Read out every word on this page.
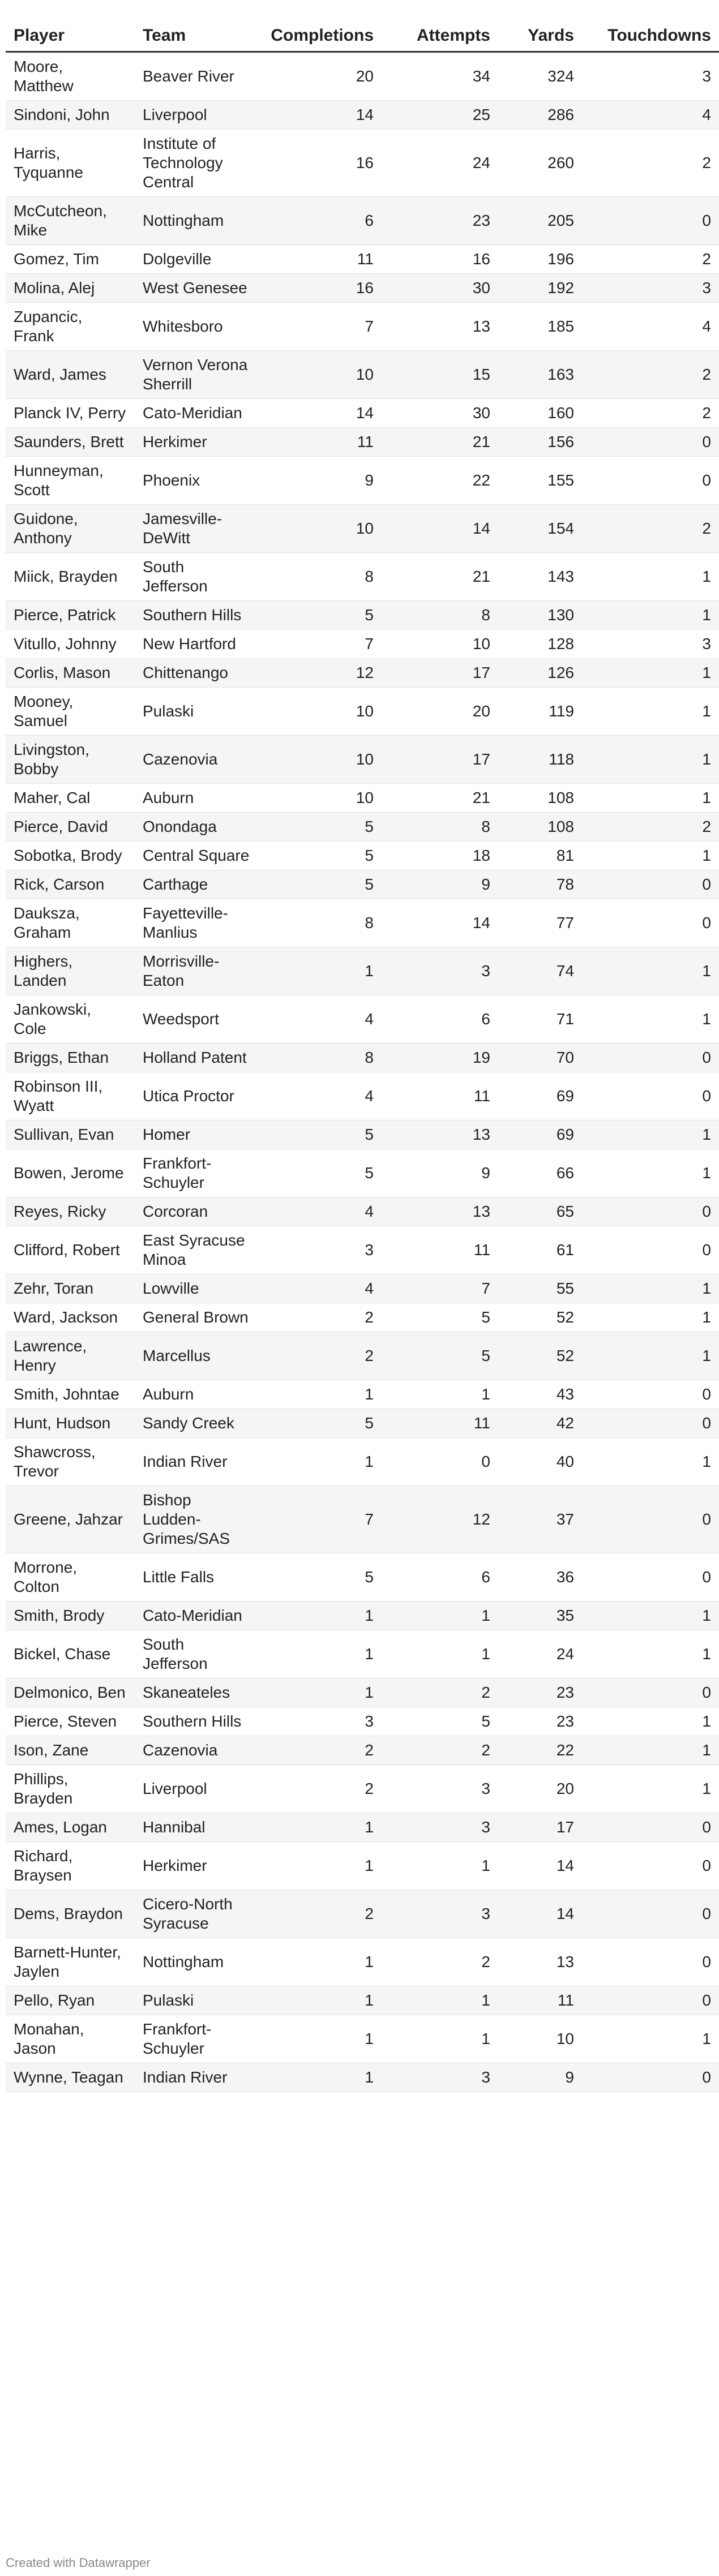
Player	Team	Completions	Attempts	Yards	Touchdowns
Moore, Matthew	Beaver River	20	34	324	3
Sindoni, John	Liverpool	14	25	286	4
Harris, Tyquanne	Institute of Technology Central	16	24	260	2
McCutcheon, Mike	Nottingham	6	23	205	0
Gomez, Tim	Dolgeville	11	16	196	2
Molina, Alej	West Genesee	16	30	192	3
Zupancic, Frank	Whitesboro	7	13	185	4
Ward, James	Vernon Verona Sherrill	10	15	163	2
Planck IV, Perry	Cato-Meridian	14	30	160	2
Saunders, Brett	Herkimer	11	21	156	0
Hunneyman, Scott	Phoenix	9	22	155	0
Guidone, Anthony	Jamesville-DeWitt	10	14	154	2
Miick, Brayden	South Jefferson	8	21	143	1
Pierce, Patrick	Southern Hills	5	8	130	1
Vitullo, Johnny	New Hartford	7	10	128	3
Corlis, Mason	Chittenango	12	17	126	1
Mooney, Samuel	Pulaski	10	20	119	1
Livingston, Bobby	Cazenovia	10	17	118	1
Maher, Cal	Auburn	10	21	108	1
Pierce, David	Onondaga	5	8	108	2
Sobotka, Brody	Central Square	5	18	81	1
Rick, Carson	Carthage	5	9	78	0
Dauksza, Graham	Fayetteville-Manlius	8	14	77	0
Highers, Landen	Morrisville-Eaton	1	3	74	1
Jankowski, Cole	Weedsport	4	6	71	1
Briggs, Ethan	Holland Patent	8	19	70	0
Robinson III, Wyatt	Utica Proctor	4	11	69	0
Sullivan, Evan	Homer	5	13	69	1
Bowen, Jerome	Frankfort-Schuyler	5	9	66	1
Reyes, Ricky	Corcoran	4	13	65	0
Clifford, Robert	East Syracuse Minoa	3	11	61	0
Zehr, Toran	Lowville	4	7	55	1
Ward, Jackson	General Brown	2	5	52	1
Lawrence, Henry	Marcellus	2	5	52	1
Smith, Johntae	Auburn	1	1	43	0
Hunt, Hudson	Sandy Creek	5	11	42	0
Shawcross, Trevor	Indian River	1	0	40	1
Greene, Jahzar	Bishop Ludden-Grimes/SAS	7	12	37	0
Morrone, Colton	Little Falls	5	6	36	0
Smith, Brody	Cato-Meridian	1	1	35	1
Bickel, Chase	South Jefferson	1	1	24	1
Delmonico, Ben	Skaneateles	1	2	23	0
Pierce, Steven	Southern Hills	3	5	23	1
Ison, Zane	Cazenovia	2	2	22	1
Phillips, Brayden	Liverpool	2	3	20	1
Ames, Logan	Hannibal	1	3	17	0
Richard, Braysen	Herkimer	1	1	14	0
Dems, Braydon	Cicero-North Syracuse	2	3	14	0
Barnett-Hunter, Jaylen	Nottingham	1	2	13	0
Pello, Ryan	Pulaski	1	1	11	0
Monahan, Jason	Frankfort-Schuyler	1	1	10	1
Wynne, Teagan	Indian River	1	3	9	0
Created with Datawrapper
